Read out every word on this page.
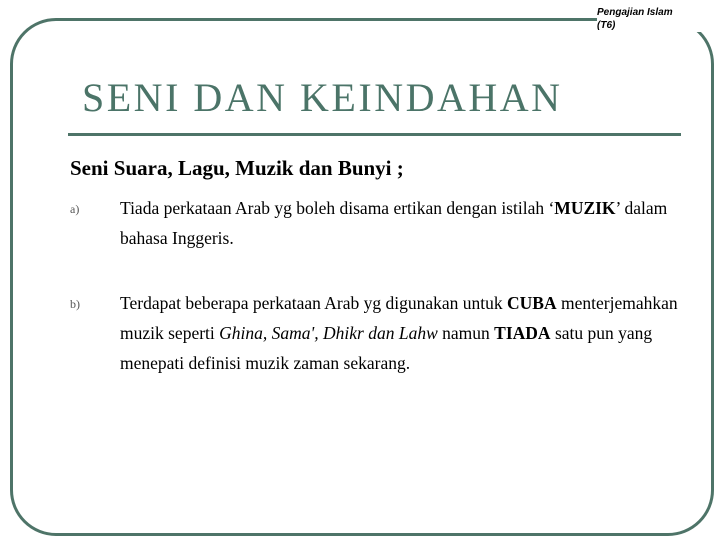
Pengajian Islam
(T6)
SENI DAN KEINDAHAN
Seni Suara, Lagu, Muzik dan Bunyi ;
a) Tiada perkataan Arab yg boleh disama ertikan dengan istilah ‘MUZIK’ dalam bahasa Inggeris.
b) Terdapat beberapa perkataan Arab yg digunakan untuk CUBA menterjemahkan muzik seperti Ghina, Sama', Dhikr dan Lahw namun TIADA satu pun yang menepati definisi muzik zaman sekarang.
